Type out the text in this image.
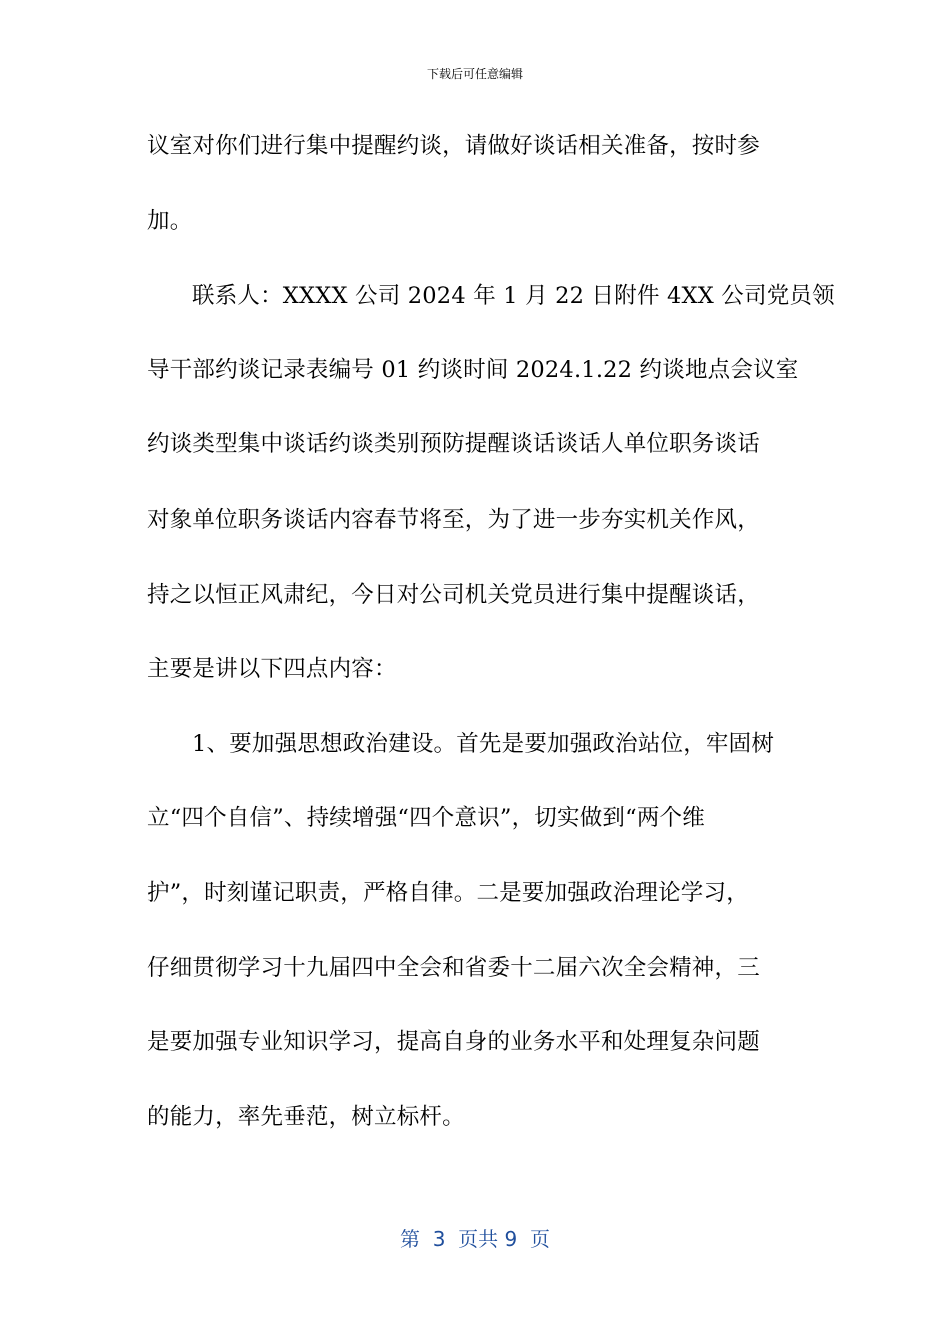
下载后可任意编辑
议室对你们进行集中提醒约谈，请做好谈话相关准备，按时参
加。
联系人：XXXX 公司 2024 年 1 月 22 日附件 4XX 公司党员领
导干部约谈记录表编号 01 约谈时间 2024.1.22 约谈地点会议室
约谈类型集中谈话约谈类别预防提醒谈话谈话人单位职务谈话
对象单位职务谈话内容春节将至，为了进一步夯实机关作风，
持之以恒正风肃纪，今日对公司机关党员进行集中提醒谈话，
主要是讲以下四点内容：
1、要加强思想政治建设。首先是要加强政治站位，牢固树
立“四个自信”、持续增强“四个意识”，切实做到“两个维
护”，时刻谨记职责，严格自律。二是要加强政治理论学习，
仔细贯彻学习十九届四中全会和省委十二届六次全会精神，三
是要加强专业知识学习，提高自身的业务水平和处理复杂问题
的能力，率先垂范，树立标杆。
第  3  页共 9  页
